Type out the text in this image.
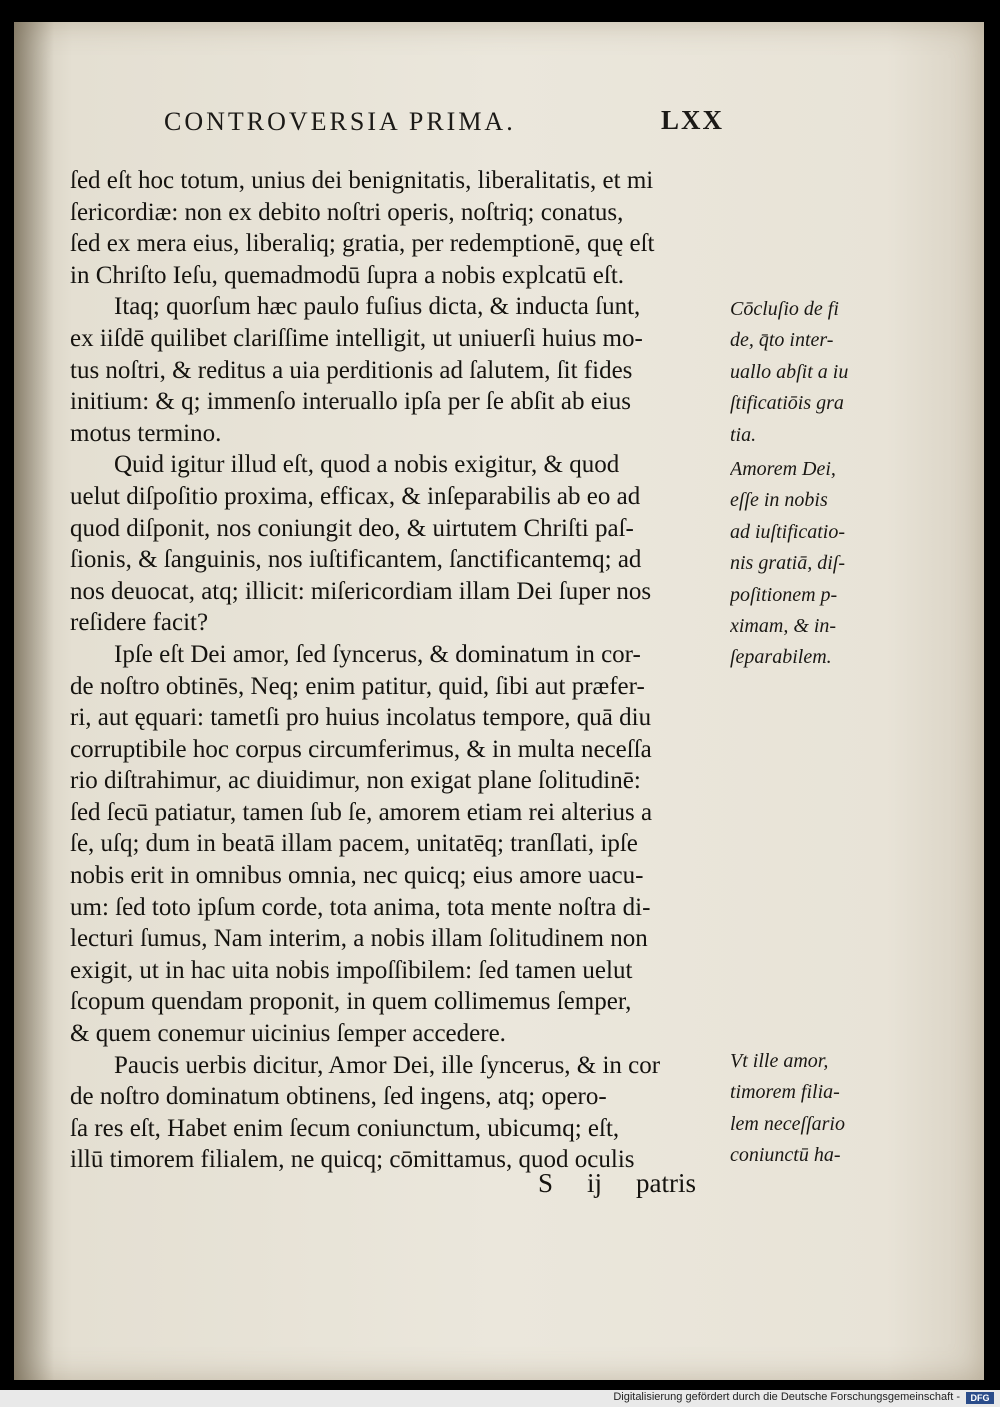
CONTROVERSIA PRIMA.	LXX
ſed eſt hoc totum, unius dei benignitatis, liberalitatis, et mi
ſericordiæ: non ex debito noſtri operis, noſtriq; conatus,
ſed ex mera eius, liberaliq; gratia, per redemptionē, quę eſt
in Chriſto Ieſu, quemadmodū ſupra a nobis explcatū eſt.
Itaq; quorſum hæc paulo fuſius dicta, & inducta ſunt,
ex iiſdē quilibet clariſſime intelligit, ut uniuerſi huius mo-
tus noſtri, & reditus a uia perditionis ad ſalutem, ſit fides
initium: & q; immenſo interuallo ipſa per ſe abſit ab eius
motus termino.
Quid igitur illud eſt, quod a nobis exigitur, & quod
uelut diſpoſitio proxima, efficax, & inſeparabilis ab eo ad
quod diſponit, nos coniungit deo, & uirtutem Chriſti paſ-
ſionis, & ſanguinis, nos iuſtificantem, ſanctificantemq; ad
nos deuocat, atq; illicit: miſericordiam illam Dei ſuper nos
reſidere facit?
Ipſe eſt Dei amor, ſed ſyncerus, & dominatum in cor-
de noſtro obtinēs, Neq; enim patitur, quid, ſibi aut præfer-
ri, aut ęquari: tametſi pro huius incolatus tempore, quā diu
corruptibile hoc corpus circumferimus, & in multa neceſſa
rio diſtrahimur, ac diuidimur, non exigat plane ſolitudinē:
ſed ſecū patiatur, tamen ſub ſe, amorem etiam rei alterius a
ſe, uſq; dum in beatā illam pacem, unitatēq; tranſlati, ipſe
nobis erit in omnibus omnia, nec quicq; eius amore uacu-
um: ſed toto ipſum corde, tota anima, tota mente noſtra di-
lecturi ſumus, Nam interim, a nobis illam ſolitudinem non
exigit, ut in hac uita nobis impoſſibilem: ſed tamen uelut
ſcopum quendam proponit, in quem collimemus ſemper,
& quem conemur uicinius ſemper accedere.
Paucis uerbis dicitur, Amor Dei, ille ſyncerus, & in cor
de noſtro dominatum obtinens, ſed ingens, atq; opero-
ſa res eſt, Habet enim ſecum coniunctum, ubicumq; eſt,
illū timorem filialem, ne quicq; cōmittamus, quod oculis
Cōcluſio de fi
de, q̄to inter-
uallo abſit a iu
ſtificatiōis gra
tia.
Amorem Dei,
eſſe in nobis
ad iuſtificatio-
nis gratiā, diſ-
poſitionem p-
ximam, & in-
ſeparabilem.
Vt ille amor,
timorem filia-
lem neceſſario
coniunctū ha-
S ij patris
Digitalisierung gefördert durch die Deutsche Forschungsgemeinschaft -	DFG
